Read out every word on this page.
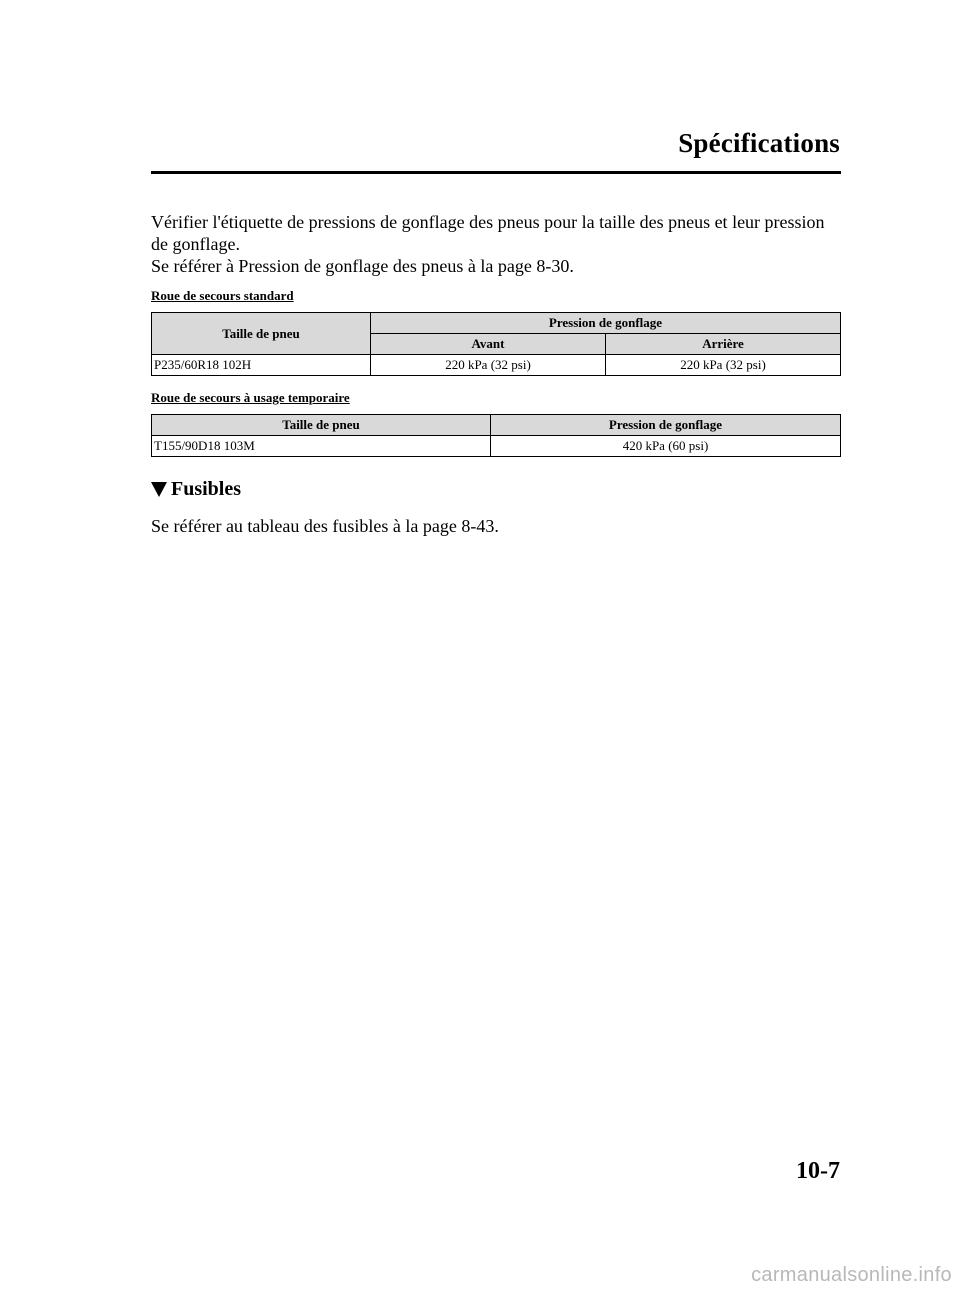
Spécifications

Vérifier l'étiquette de pressions de gonflage des pneus pour la taille des pneus et leur pression de gonflage.

Se référer à Pression de gonflage des pneus à la page 8-30.

Roue de secours standard
Taille de pneu	Pression de gonflage	
	Avant	Arrière
P235/60R18 102H	220 kPa (32 psi)	220 kPa (32 psi)
Roue de secours à usage temporaire
Taille de pneu	Pression de gonflage
T155/90D18 103M	420 kPa (60 psi)
Fusibles
Se référer au tableau des fusibles à la page 8-43.
10-7
carmanualsonline.info
